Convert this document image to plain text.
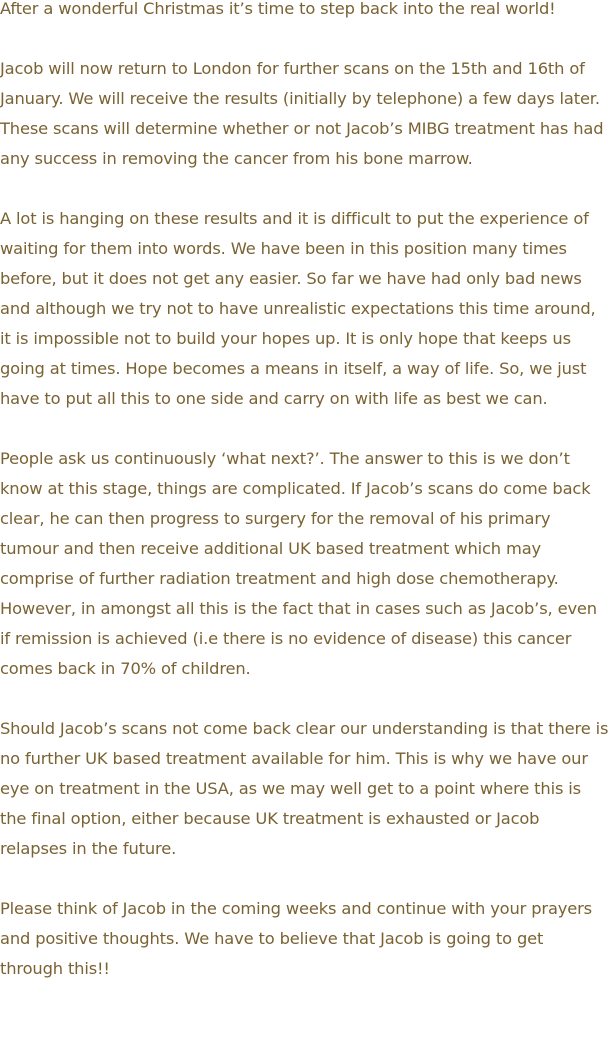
After a wonderful Christmas it’s time to step back into the real world!

Jacob will now return to London for further scans on the 15th and 16th of January. We will receive the results (initially by telephone) a few days later. These scans will determine whether or not Jacob’s MIBG treatment has had any success in removing the cancer from his bone marrow.

A lot is hanging on these results and it is difficult to put the experience of waiting for them into words. We have been in this position many times before, but it does not get any easier. So far we have had only bad news and although we try not to have unrealistic expectations this time around, it is impossible not to build your hopes up. It is only hope that keeps us going at times. Hope becomes a means in itself, a way of life. So, we just have to put all this to one side and carry on with life as best we can.

People ask us continuously ‘what next?’. The answer to this is we don’t know at this stage, things are complicated. If Jacob’s scans do come back clear, he can then progress to surgery for the removal of his primary tumour and then receive additional UK based treatment which may comprise of further radiation treatment and high dose chemotherapy. However, in amongst all this is the fact that in cases such as Jacob’s, even if remission is achieved (i.e there is no evidence of disease) this cancer comes back in 70% of children.

Should Jacob’s scans not come back clear our understanding is that there is no further UK based treatment available for him. This is why we have our eye on treatment in the USA, as we may well get to a point where this is the final option, either because UK treatment is exhausted or Jacob relapses in the future.

Please think of Jacob in the coming weeks and continue with your prayers and positive thoughts. We have to believe that Jacob is going to get through this!!
